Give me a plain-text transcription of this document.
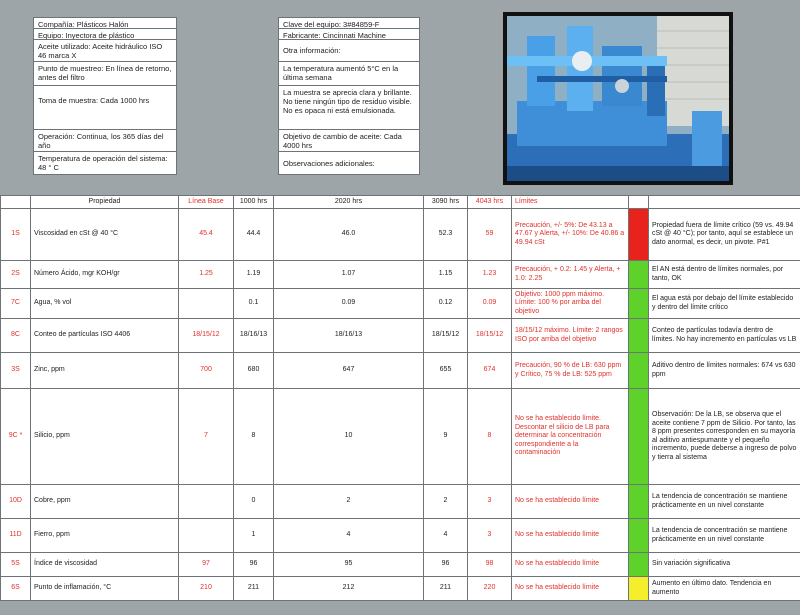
Compañía: Plásticos Halón
Equipo: Inyectora de plástico
Aceite utilizado: Aceite hidráulico ISO 46 marca X
Punto de muestreo: En línea de retorno, antes del filtro
Toma de muestra: Cada 1000 hrs
Operación: Continua, los 365 días del año
Temperatura de operación del sistema: 48 ° C
Clave del equipo: 3#84859-F
Fabricante: Cincinnati Machine
Otra información:
La temperatura aumentó 5°C en la última semana
La muestra se aprecia clara y brillante. No tiene ningún tipo de residuo visible. No es opaca ni está emulsionada.
Objetivo de cambio de aceite: Cada 4000 hrs
Observaciones adicionales:
	Propiedad	Línea Base	1000 hrs	2020 hrs	3090 hrs	4043 hrs	Límites		
1S	Viscosidad en cSt @ 40 °C	45.4	44.4	46.0	52.3	59	Precaución, +/- 5%: De 43.13 a 47.67 y Alerta, +/- 10%: De 40.86 a 49.94 cSt		Propiedad fuera de límite crítico (59 vs. 49.94 cSt @ 40 °C); por tanto, aquí se establece un dato anormal, es decir, un pivote. P#1
2S	Número Ácido, mgr KOH/gr	1.25	1.19	1.07	1.15	1.23	Precaución, + 0.2: 1.45 y Alerta, + 1.0: 2.25		El AN está dentro de límites normales, por tanto, OK
7C	Agua, % vol		0.1	0.09	0.12	0.09	Objetivo: 1000 ppm máximo. Límite: 100 % por arriba del objetivo		El agua está por debajo del límite establecido y dentro del límite crítico
8C	Conteo de partículas ISO 4406	18/15/12	18/16/13	18/16/13	18/15/12	18/15/12	18/15/12 máximo. Límite: 2 rangos ISO por arriba del objetivo		Conteo de partículas todavía dentro de límites. No hay incremento en partículas vs LB
3S	Zinc, ppm	700	680	647	655	674	Precaución, 90 % de LB: 630 ppm y Crítico, 75 % de LB: 525 ppm		Aditivo dentro de límites normales: 674 vs 630 ppm
9C *	Silicio, ppm	7	8	10	9	8	No se ha establecido límite. Descontar el silicio de LB para determinar la concentración correspondiente a la contaminación		Observación: De la LB, se observa que el aceite contiene 7 ppm de Silicio. Por tanto, las 8 ppm presentes corresponden en su mayoría al aditivo antiespumante y el pequeño incremento, puede deberse a ingreso de polvo y tierra al sistema
10D	Cobre, ppm		0	2	2	3	No se ha establecido límite		La tendencia de concentración se mantiene prácticamente en un nivel constante
11D	Fierro, ppm		1	4	4	3	No se ha establecido límite		La tendencia de concentración se mantiene prácticamente en un nivel constante
5S	Índice de viscosidad	97	96	95	96	98	No se ha establecido límite		Sin variación significativa
6S	Punto de inflamación, °C	210	211	212	211	220	No se ha establecido límite		Aumento en último dato. Tendencia en aumento
